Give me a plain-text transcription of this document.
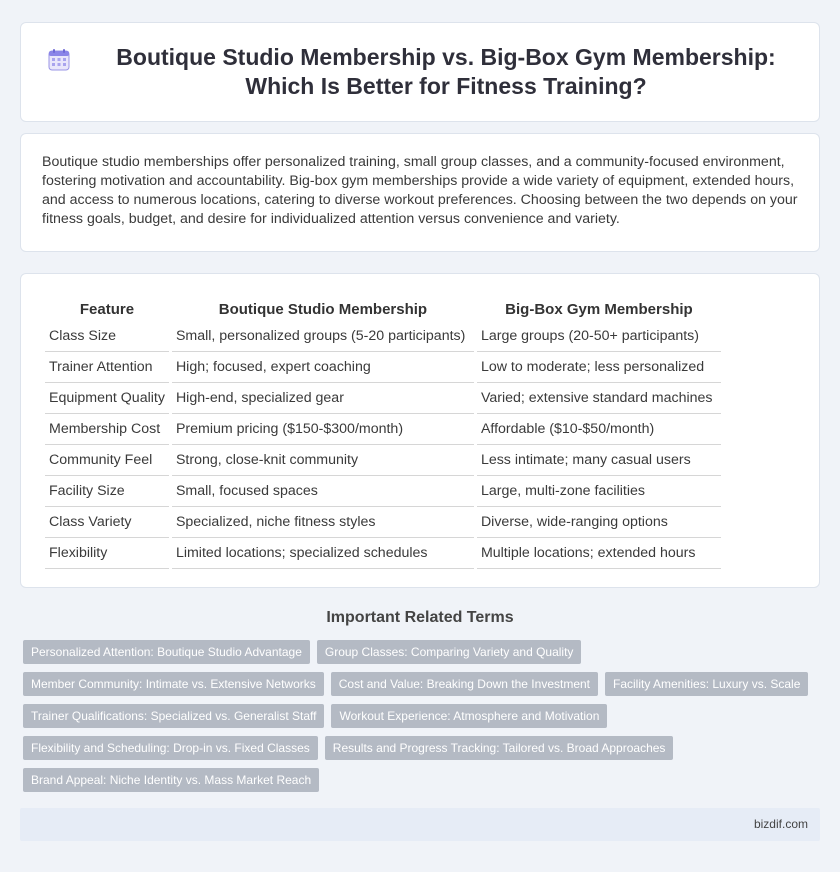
Boutique Studio Membership vs. Big-Box Gym Membership: Which Is Better for Fitness Training?

Boutique studio memberships offer personalized training, small group classes, and a community-focused environment, fostering motivation and accountability. Big-box gym memberships provide a wide variety of equipment, extended hours, and access to numerous locations, catering to diverse workout preferences. Choosing between the two depends on your fitness goals, budget, and desire for individualized attention versus convenience and variety.

Feature	Boutique Studio Membership	Big-Box Gym Membership
Class Size	Small, personalized groups (5-20 participants)	Large groups (20-50+ participants)
Trainer Attention	High; focused, expert coaching	Low to moderate; less personalized
Equipment Quality	High-end, specialized gear	Varied; extensive standard machines
Membership Cost	Premium pricing ($150-$300/month)	Affordable ($10-$50/month)
Community Feel	Strong, close-knit community	Less intimate; many casual users
Facility Size	Small, focused spaces	Large, multi-zone facilities
Class Variety	Specialized, niche fitness styles	Diverse, wide-ranging options
Flexibility	Limited locations; specialized schedules	Multiple locations; extended hours
Important Related Terms
Personalized Attention: Boutique Studio Advantage	Group Classes: Comparing Variety and Quality
Member Community: Intimate vs. Extensive Networks	Cost and Value: Breaking Down the Investment	Facility Amenities: Luxury vs. Scale
Trainer Qualifications: Specialized vs. Generalist Staff	Workout Experience: Atmosphere and Motivation
Flexibility and Scheduling: Drop-in vs. Fixed Classes	Results and Progress Tracking: Tailored vs. Broad Approaches
Brand Appeal: Niche Identity vs. Mass Market Reach
bizdif.com
